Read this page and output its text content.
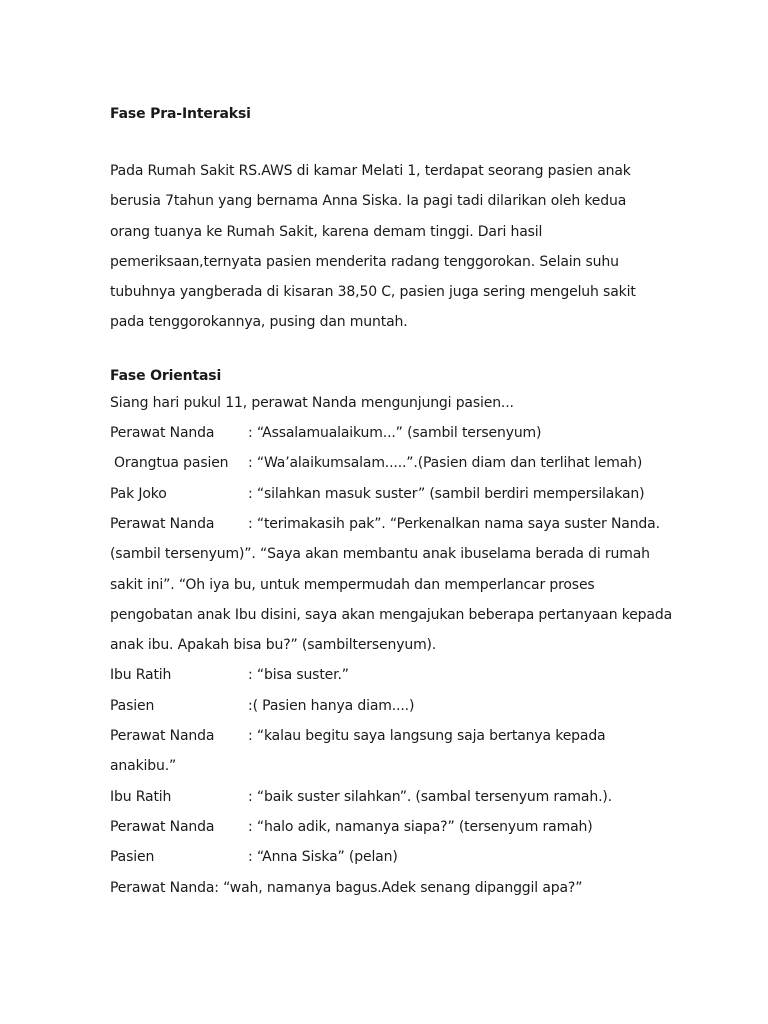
Fase Pra-Interaksi
Pada Rumah Sakit RS.AWS di kamar Melati 1, terdapat seorang pasien anak
berusia 7tahun yang bernama Anna Siska. Ia pagi tadi dilarikan oleh kedua
orang tuanya ke Rumah Sakit, karena demam tinggi. Dari hasil
pemeriksaan,ternyata pasien menderita radang tenggorokan. Selain suhu
tubuhnya yangberada di kisaran 38,50 C, pasien juga sering mengeluh sakit
pada tenggorokannya, pusing dan muntah.
Fase Orientasi
Siang hari pukul 11, perawat Nanda mengunjungi pasien...
Perawat Nanda : “Assalamualaikum...” (sambil tersenyum)
Orangtua pasien : “Wa’alaikumsalam.....”.(Pasien diam dan terlihat lemah)
Pak Joko	: “silahkan masuk suster” (sambil berdiri mempersilakan)
Perawat Nanda : “terimakasih pak”. “Perkenalkan nama saya suster Nanda.
(sambil tersenyum)”. “Saya akan membantu anak ibuselama berada di rumah
sakit ini”. “Oh iya bu, untuk mempermudah dan memperlancar proses
pengobatan anak Ibu disini, saya akan mengajukan beberapa pertanyaan kepada
anak ibu. Apakah bisa bu?” (sambiltersenyum).
Ibu Ratih	: “bisa suster.”
Pasien	:( Pasien hanya diam....)
Perawat Nanda : “kalau begitu saya langsung saja bertanya kepada
anakibu.”
Ibu Ratih	: “baik suster silahkan”. (sambal tersenyum ramah.).
Perawat Nanda : “halo adik, namanya siapa?” (tersenyum ramah)
Pasien	: “Anna Siska” (pelan)
Perawat Nanda: “wah, namanya bagus.Adek senang dipanggil apa?”
